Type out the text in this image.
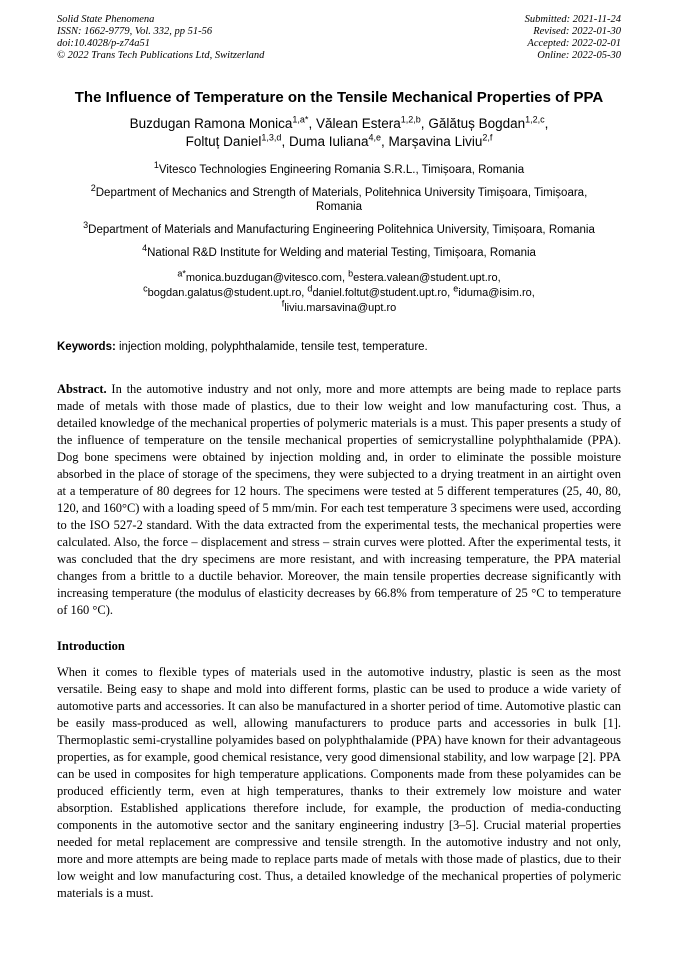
Solid State Phenomena
ISSN: 1662-9779, Vol. 332, pp 51-56
doi:10.4028/p-z74a51
© 2022 Trans Tech Publications Ltd, Switzerland
Submitted: 2021-11-24
Revised: 2022-01-30
Accepted: 2022-02-01
Online: 2022-05-30
The Influence of Temperature on the Tensile Mechanical Properties of PPA
Buzdugan Ramona Monica$^{1,a*}$, Vălean Estera$^{1,2,b}$, Gălătuș Bogdan$^{1,2,c}$,
Foltuț Daniel$^{1,3,d}$, Duma Iuliana$^{4,e}$, Marșavina Liviu$^{2,f}$
$^1$Vitesco Technologies Engineering Romania S.R.L., Timișoara, Romania
$^2$Department of Mechanics and Strength of Materials, Politehnica University Timișoara, Timișoara, Romania
$^3$Department of Materials and Manufacturing Engineering Politehnica University, Timișoara, Romania
$^4$National R&D Institute for Welding and material Testing, Timișoara, Romania
$^{a*}$monica.buzdugan@vitesco.com, $^b$estera.valean@student.upt.ro,
$^c$bogdan.galatus@student.upt.ro, $^d$daniel.foltut@student.upt.ro, $^e$iduma@isim.ro,
$^f$liviu.marsavina@upt.ro

Keywords: injection molding, polyphthalamide, tensile test, temperature.

Abstract. In the automotive industry and not only, more and more attempts are being made to replace parts made of metals with those made of plastics, due to their low weight and low manufacturing cost. Thus, a detailed knowledge of the mechanical properties of polymeric materials is a must. This paper presents a study of the influence of temperature on the tensile mechanical properties of semicrystalline polyphthalamide (PPA). Dog bone specimens were obtained by injection molding and, in order to eliminate the possible moisture absorbed in the place of storage of the specimens, they were subjected to a drying treatment in an airtight oven at a temperature of 80 degrees for 12 hours. The specimens were tested at 5 different temperatures (25, 40, 80, 120, and 160°C) with a loading speed of 5 mm/min. For each test temperature 3 specimens were used, according to the ISO 527-2 standard. With the data extracted from the experimental tests, the mechanical properties were calculated. Also, the force – displacement and stress – strain curves were plotted. After the experimental tests, it was concluded that the dry specimens are more resistant, and with increasing temperature, the PPA material changes from a brittle to a ductile behavior. Moreover, the main tensile properties decrease significantly with increasing temperature (the modulus of elasticity decreases by 66.8% from temperature of 25 °C to temperature of 160 °C).

Introduction

When it comes to flexible types of materials used in the automotive industry, plastic is seen as the most versatile. Being easy to shape and mold into different forms, plastic can be used to produce a wide variety of automotive parts and accessories. It can also be manufactured in a shorter period of time. Automotive plastic can be easily mass-produced as well, allowing manufacturers to produce parts and accessories in bulk [1]. Thermoplastic semi-crystalline polyamides based on polyphthalamide (PPA) have known for their advantageous properties, as for example, good chemical resistance, very good dimensional stability, and low warpage [2]. PPA can be used in composites for high temperature applications. Components made from these polyamides can be produced efficiently term, even at high temperatures, thanks to their extremely low moisture and water absorption. Established applications therefore include, for example, the production of media-conducting components in the automotive sector and the sanitary engineering industry [3–5]. Crucial material properties needed for metal replacement are compressive and tensile strength. In the automotive industry and not only, more and more attempts are being made to replace parts made of metals with those made of plastics, due to their low weight and low manufacturing cost. Thus, a detailed knowledge of the mechanical properties of polymeric materials is a must.
